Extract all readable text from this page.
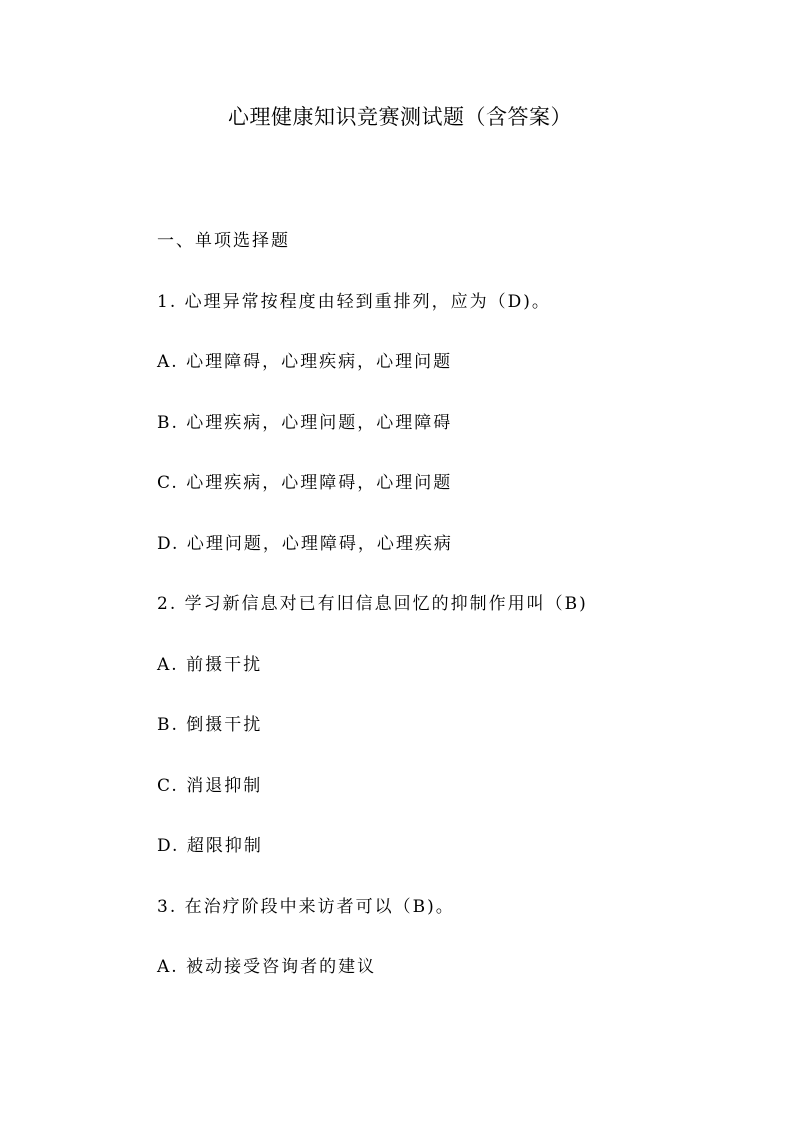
心理健康知识竞赛测试题（含答案）
一、单项选择题
1. 心理异常按程度由轻到重排列，应为（D)。
A. 心理障碍，心理疾病，心理问题
B. 心理疾病，心理问题，心理障碍
C. 心理疾病，心理障碍，心理问题
D. 心理问题，心理障碍，心理疾病
2. 学习新信息对已有旧信息回忆的抑制作用叫（B)
A. 前摄干扰
B. 倒摄干扰
C. 消退抑制
D. 超限抑制
3. 在治疗阶段中来访者可以（B)。
A. 被动接受咨询者的建议
